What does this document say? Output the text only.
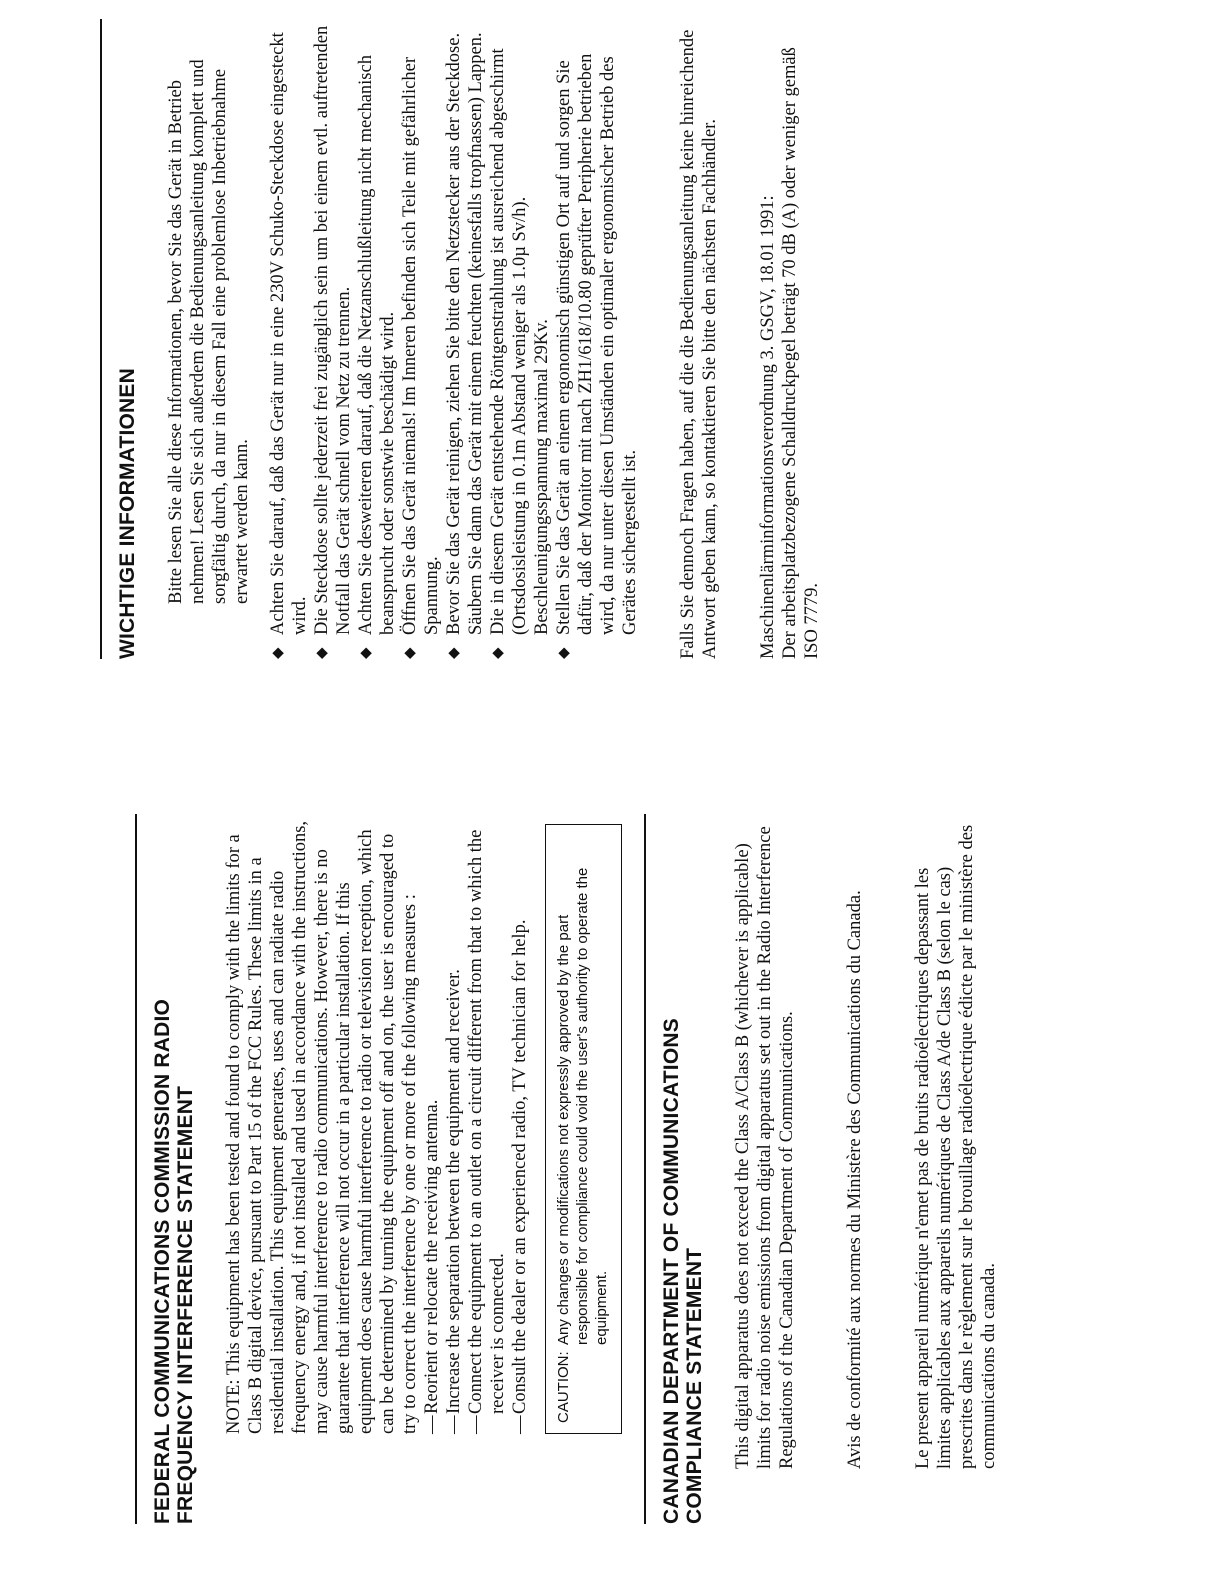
FEDERAL COMMUNICATIONS COMMISSION RADIO FREQUENCY INTERFERENCE STATEMENT NOTE: This equipment has been tested and found to comply with the limits for a Class B digital device, pursuant to Part 15 of the FCC Rules. These limits in a residential installation. This equipment generates, uses and can radiate radio frequency energy and, if not installed and used in accordance with the instructions, may cause harmful interference to radio communications. However, there is no guarantee that interference will not occur in a particular installation. If this equipment does cause harmful interference to radio or television reception, which can be determined by turning the equipment off and on, the user is encouraged to try to correct the interference by one or more of the following measures : —
Reorient or relocate the receiving antenna.
—
Increase the separation between the equipment and receiver.
—
Connect the equipment to an outlet on a circuit different from that to which the receiver is connected.
—
Consult the dealer or an experienced radio, TV technician for help. CAUTION:
Any changes or modifications not expressly approved by the part responsible for compliance could void the user's authority to operate the equipment. CANADIAN DEPARTMENT OF COMMUNICATIONS COMPLIANCE STATEMENT This digital apparatus does not exceed the Class A/Class B (whichever is applicable) limits for radio noise emissions from digital apparatus set out in the Radio Interference Regulations of the Canadian Department of Communications.	Avis de conformité aux normes du Ministère des Communications du Canada.	Le present appareil numérique n'emet pas de bruits radioélectriques depassant les limites applicables aux appareils numériques de Class A/de Class B (selon le cas) prescrites dans le règlement sur le brouillage radioélectrique édicte par le ministère des communications du canada.

WICHTIGE INFORMATIONEN Bitte lesen Sie alle diese Informationen, bevor Sie das Gerät in Betrieb nehmen! Lesen Sie sich außerdem die Bedienungsanleitung komplett und sorgfältig durch, da nur in diesem Fall eine problemlose Inbetriebnahme erwartet werden kann.

◆
Achten Sie darauf, daß das Gerät nur in eine 230V Schuko-Steckdose eingesteckt wird.
◆
Die Steckdose sollte jederzeit frei zugänglich sein um bei einem evtl. auftretenden Notfall das Gerät schnell vom Netz zu trennen.
◆
Achten Sie desweiteren darauf, daß die Netzanschlußleitung nicht mechanisch beansprucht oder sonstwie beschädigt wird.
◆
Öffnen Sie das Gerät niemals! Im Inneren befinden sich Teile mit gefährlicher Spannung.
◆
Bevor Sie das Gerät reinigen, ziehen Sie bitte den Netzstecker aus der Steckdose. Säubern Sie dann das Gerät mit einem feuchten (keinesfalls tropfnassen) Lappen.
◆
Die in diesem Gerät entstehende Röntgenstrahlung ist ausreichend abgeschirmt (Ortsdosisleistung in 0.1m Abstand weniger als 1.0µ Sv/h). Beschleunigungsspannung maximal 29Kv.
◆
Stellen Sie das Gerät an einem ergonomisch günstigen Ort auf und sorgen Sie dafür, daß der Monitor mit nach ZH1/618/10.80 geprüfter Peripherie betrieben wird, da nur unter diesen Umständen ein optimaler ergonomischer Betrieb des Gerätes sichergestellt ist. Falls Sie dennoch Fragen haben, auf die die Bedienungsanleitung keine hinreichende Antwort geben kann, so kontaktieren Sie bitte den nächsten Fachhändler. Maschinenlärminformationsverordnung 3. GSGV, 18.01 1991: Der arbeitsplatzbezogene Schalldruckpegel beträgt 70 dB (A) oder weniger gemäß ISO 7779.
